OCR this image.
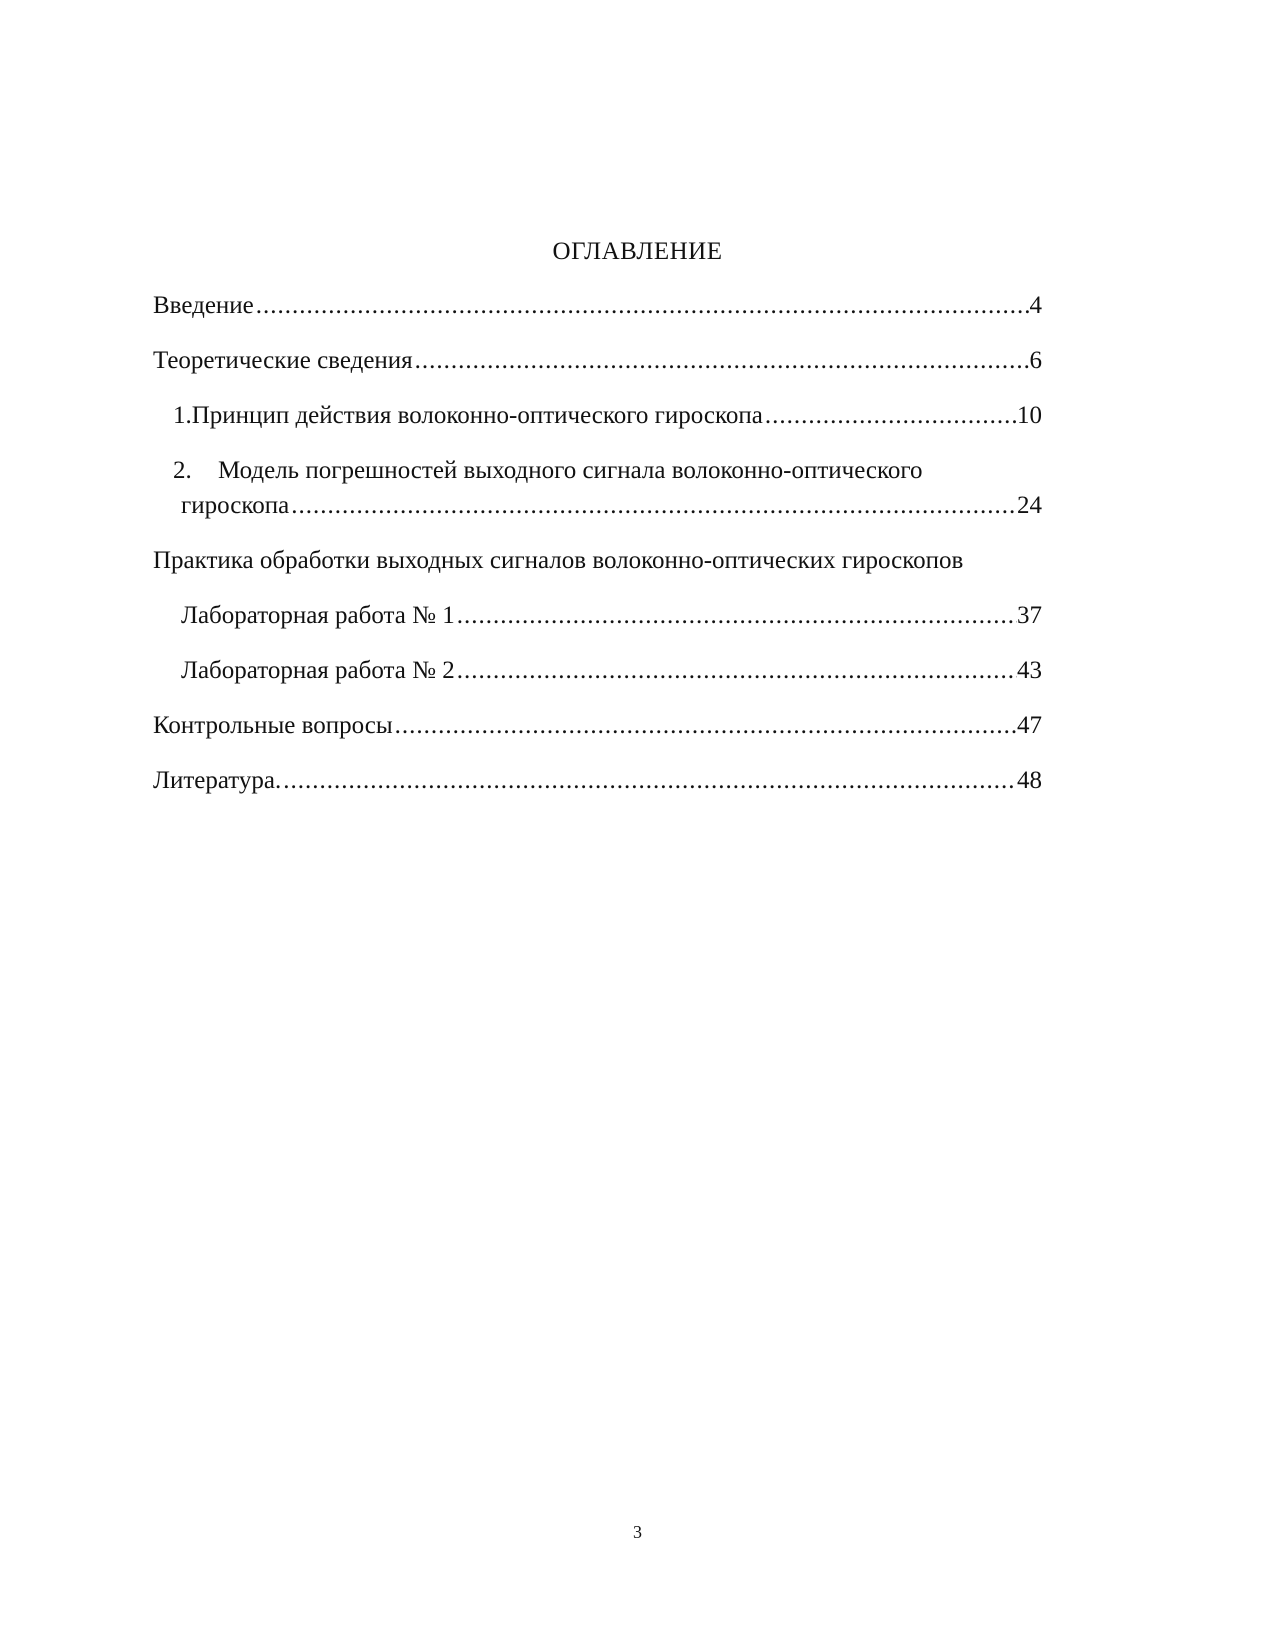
ОГЛАВЛЕНИЕ
Введение .....	4
Теоретические сведения .....	6
1. Принцип действия волоконно-оптического гироскопа .....	10
2. Модель погрешностей выходного сигнала волоконно-оптического
гироскопа .....	24
Практика обработки выходных сигналов волоконно-оптических гироскопов
Лабораторная работа № 1 .....	37
Лабораторная работа № 2 .....	43
Контрольные вопросы .....	47
Литература. .....	48
3
